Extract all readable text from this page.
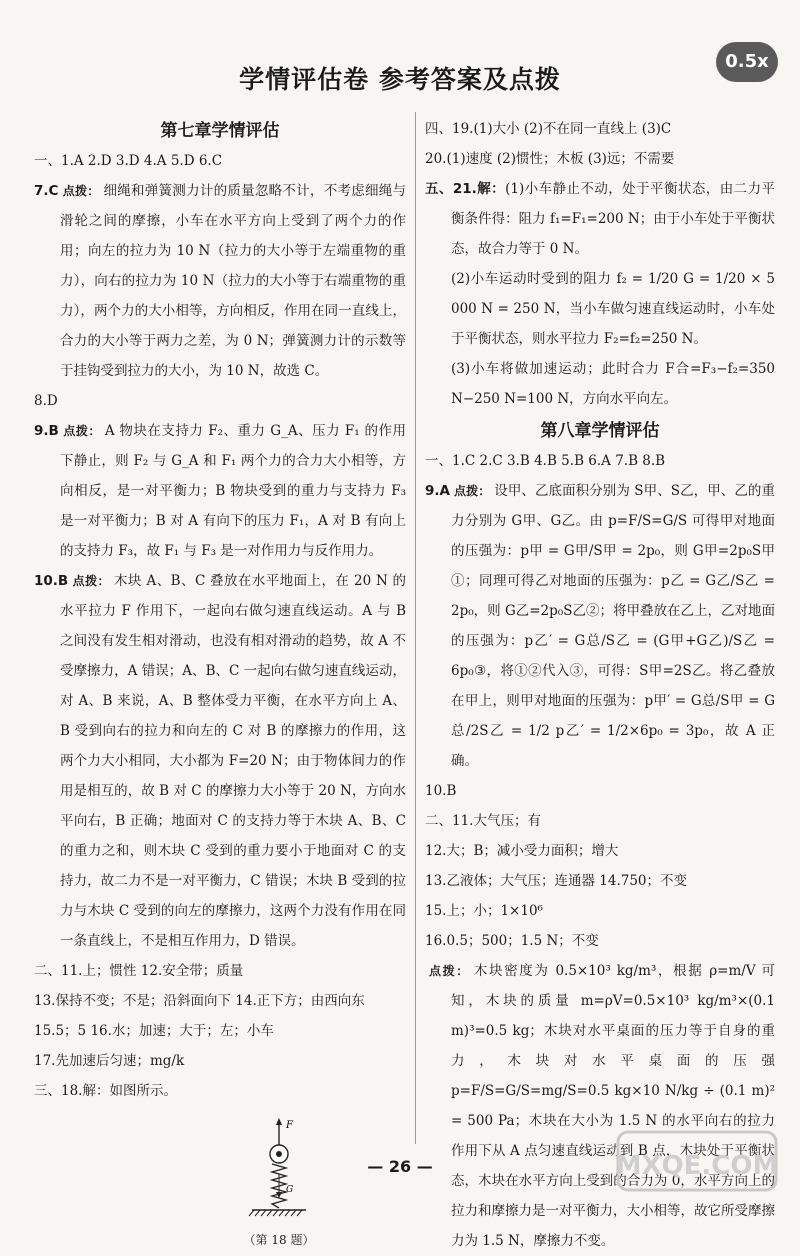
0.5x
学情评估卷 参考答案及点拨
第七章学情评估

一、1.A 2.D 3.D 4.A 5.D 6.C

7.C 点拨： 细绳和弹簧测力计的质量忽略不计，不考虑细绳与滑轮之间的摩擦，小车在水平方向上受到了两个力的作用；向左的拉力为 10 N（拉力的大小等于左端重物的重力），向右的拉力为 10 N（拉力的大小等于右端重物的重力），两个力的大小相等，方向相反，作用在同一直线上，合力的大小等于两力之差，为 0 N；弹簧测力计的示数等于挂钩受到拉力的大小，为 10 N，故选 C。

8.D

9.B 点拨： A 物块在支持力 F₂、重力 G_A、压力 F₁ 的作用下静止，则 F₂ 与 G_A 和 F₁ 两个力的合力大小相等，方向相反，是一对平衡力；B 物块受到的重力与支持力 F₃ 是一对平衡力；B 对 A 有向下的压力 F₁，A 对 B 有向上的支持力 F₃，故 F₁ 与 F₃ 是一对作用力与反作用力。

10.B 点拨： 木块 A、B、C 叠放在水平地面上，在 20 N 的水平拉力 F 作用下，一起向右做匀速直线运动。A 与 B 之间没有发生相对滑动，也没有相对滑动的趋势，故 A 不受摩擦力，A 错误；A、B、C 一起向右做匀速直线运动，对 A、B 来说，A、B 整体受力平衡，在水平方向上 A、B 受到向右的拉力和向左的 C 对 B 的摩擦力的作用，这两个力大小相同，大小都为 F=20 N；由于物体间力的作用是相互的，故 B 对 C 的摩擦力大小等于 20 N，方向水平向右，B 正确；地面对 C 的支持力等于木块 A、B、C 的重力之和，则木块 C 受到的重力要小于地面对 C 的支持力，故二力不是一对平衡力，C 错误；木块 B 受到的拉力与木块 C 受到的向左的摩擦力，这两个力没有作用在同一条直线上，不是相互作用力，D 错误。

二、11.上；惯性 12.安全带；质量

13.保持不变；不是；沿斜面向下 14.正下方；由西向东

15.5；5 16.水；加速；大于；左；小车

17.先加速后匀速；mg/k

三、18.解：如图所示。

F
G
（第 18 题）

四、19.(1)大小 (2)不在同一直线上 (3)C

20.(1)速度 (2)惯性；木板 (3)远；不需要

五、21.解：(1)小车静止不动，处于平衡状态，由二力平衡条件得：阻力 f₁=F₁=200 N；由于小车处于平衡状态，故合力等于 0 N。

(2)小车运动时受到的阻力 f₂ = 1/20 G = 1/20 × 5 000 N = 250 N，当小车做匀速直线运动时，小车处于平衡状态，则水平拉力 F₂=f₂=250 N。

(3)小车将做加速运动；此时合力 F合=F₃−f₂=350 N−250 N=100 N，方向水平向左。

第八章学情评估

一、1.C 2.C 3.B 4.B 5.B 6.A 7.B 8.B

9.A 点拨： 设甲、乙底面积分别为 S甲、S乙，甲、乙的重力分别为 G甲、G乙。由 p=F/S=G/S 可得甲对地面的压强为：p甲 = G甲/S甲 = 2p₀，则 G甲=2p₀S甲①；同理可得乙对地面的压强为：p乙 = G乙/S乙 = 2p₀，则 G乙=2p₀S乙②；将甲叠放在乙上，乙对地面的压强为：p乙′ = G总/S乙 = (G甲+G乙)/S乙 = 6p₀③，将①②代入③，可得：S甲=2S乙。将乙叠放在甲上，则甲对地面的压强为：p甲′ = G总/S甲 = G总/2S乙 = 1/2 p乙′ = 1/2×6p₀ = 3p₀，故 A 正确。

10.B

二、11.大气压；有

12.大；B；减小受力面积；增大

13.乙液体；大气压；连通器 14.750；不变

15.上；小；1×10⁶

16.0.5；500；1.5 N；不变

点拨： 木块密度为 0.5×10³ kg/m³，根据 ρ=m/V 可知，木块的质量 m=ρV=0.5×10³ kg/m³×(0.1 m)³=0.5 kg；木块对水平桌面的压力等于自身的重力，木块对水平桌面的压强 p=F/S=G/S=mg/S=0.5 kg×10 N/kg ÷ (0.1 m)² = 500 Pa；木块在大小为 1.5 N 的水平向右的拉力作用下从 A 点匀速直线运动到 B 点，木块处于平衡状态，木块在水平方向上受到的合力为 0，水平方向上的拉力和摩擦力是一对平衡力，大小相等，故它所受摩擦力为 1.5 N，摩擦力不变。

— 26 —	MXQE.COM
